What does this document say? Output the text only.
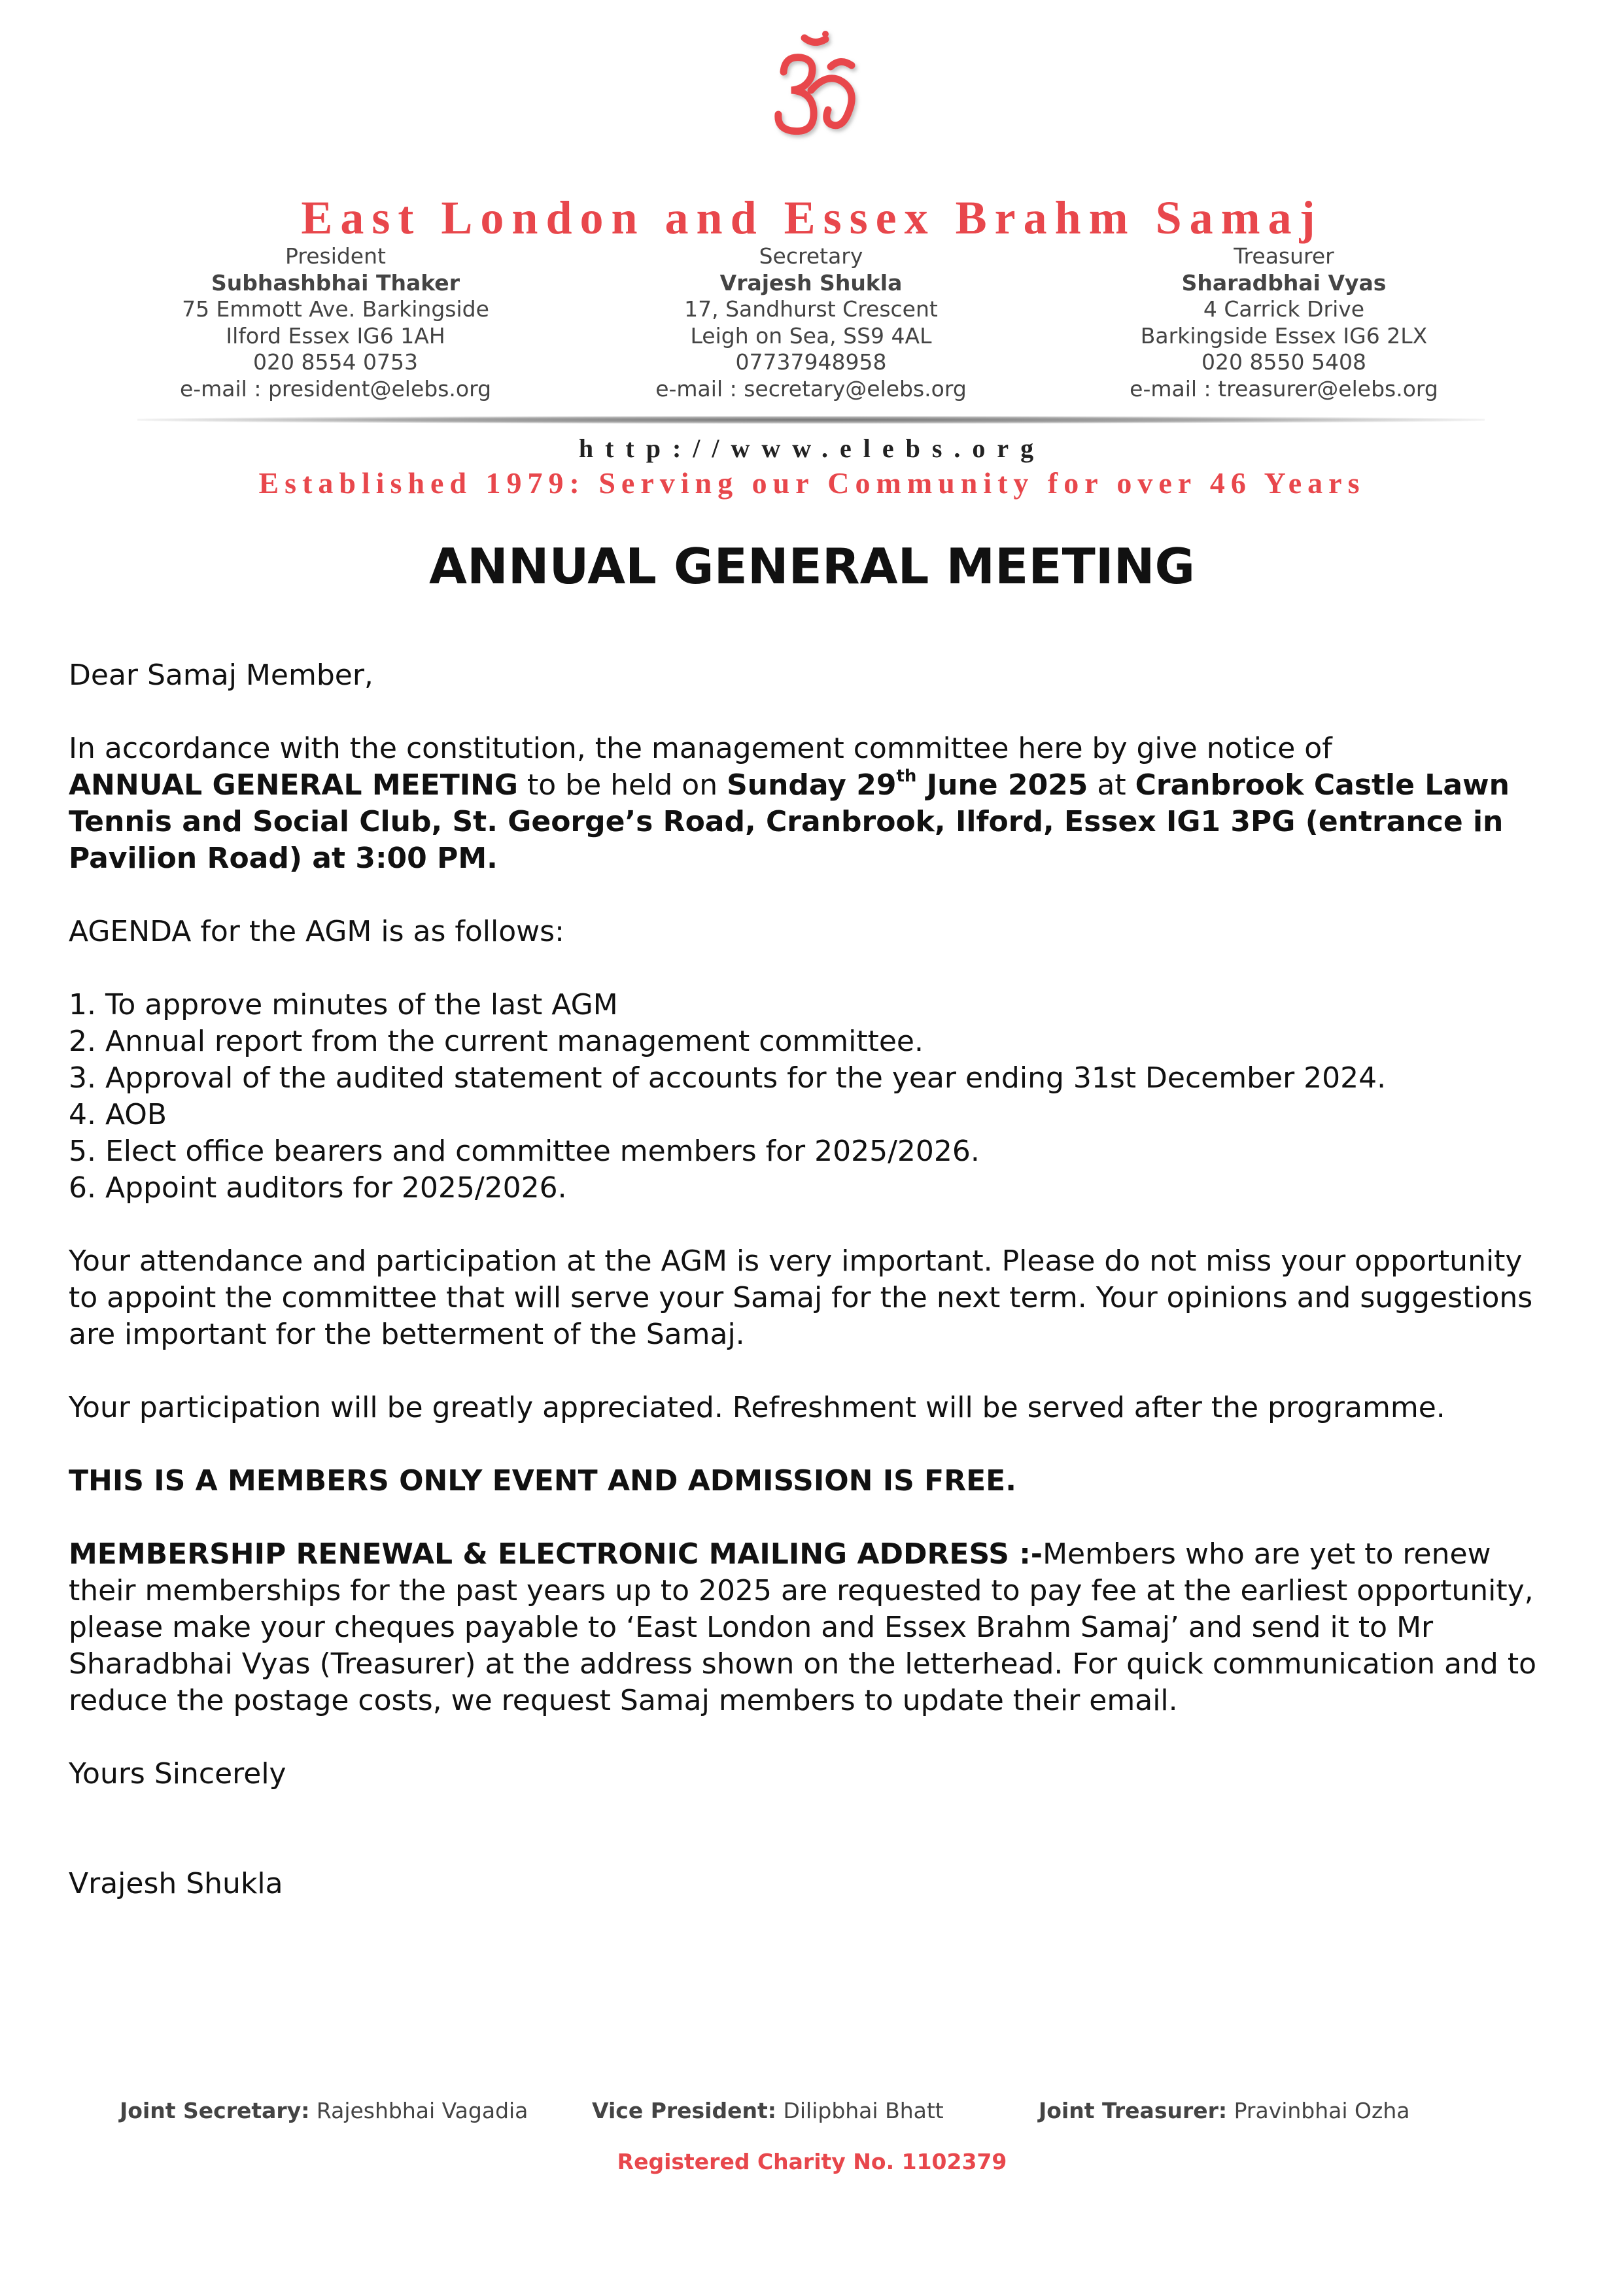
East London and Essex Brahm Samaj
President
Subhashbhai Thaker
75 Emmott Ave. Barkingside
Ilford Essex IG6 1AH
020 8554 0753
e-mail : president@elebs.org
Secretary
Vrajesh Shukla
17, Sandhurst Crescent
Leigh on Sea, SS9 4AL
07737948958
e-mail : secretary@elebs.org
Treasurer
Sharadbhai Vyas
4 Carrick Drive
Barkingside Essex IG6 2LX
020 8550 5408
e-mail : treasurer@elebs.org
http://www.elebs.org
Established 1979: Serving our Community for over 46 Years
ANNUAL GENERAL MEETING

Dear Samaj Member,

In accordance with the constitution, the management committee here by give notice of
ANNUAL GENERAL MEETING to be held on Sunday 29th June 2025 at Cranbrook Castle Lawn Tennis and Social Club, St. George’s Road, Cranbrook, Ilford, Essex IG1 3PG (entrance in Pavilion Road) at 3:00 PM.

AGENDA for the AGM is as follows:

1. To approve minutes of the last AGM
2. Annual report from the current management committee.
3. Approval of the audited statement of accounts for the year ending 31st December 2024.
4. AOB
5. Elect office bearers and committee members for 2025/2026.
6. Appoint auditors for 2025/2026.

Your attendance and participation at the AGM is very important. Please do not miss your opportunity to appoint the committee that will serve your Samaj for the next term. Your opinions and suggestions are important for the betterment of the Samaj.

Your participation will be greatly appreciated. Refreshment will be served after the programme.

THIS IS A MEMBERS ONLY EVENT AND ADMISSION IS FREE.

MEMBERSHIP RENEWAL & ELECTRONIC MAILING ADDRESS :-Members who are yet to renew their memberships for the past years up to 2025 are requested to pay fee at the earliest opportunity, please make your cheques payable to ‘East London and Essex Brahm Samaj’ and send it to Mr Sharadbhai Vyas (Treasurer) at the address shown on the letterhead. For quick communication and to reduce the postage costs, we request Samaj members to update their email.

Yours Sincerely

Vrajesh Shukla

Joint Secretary: Rajeshbhai Vagadia	Vice President: Dilipbhai Bhatt	Joint Treasurer: Pravinbhai Ozha
Registered Charity No. 1102379
